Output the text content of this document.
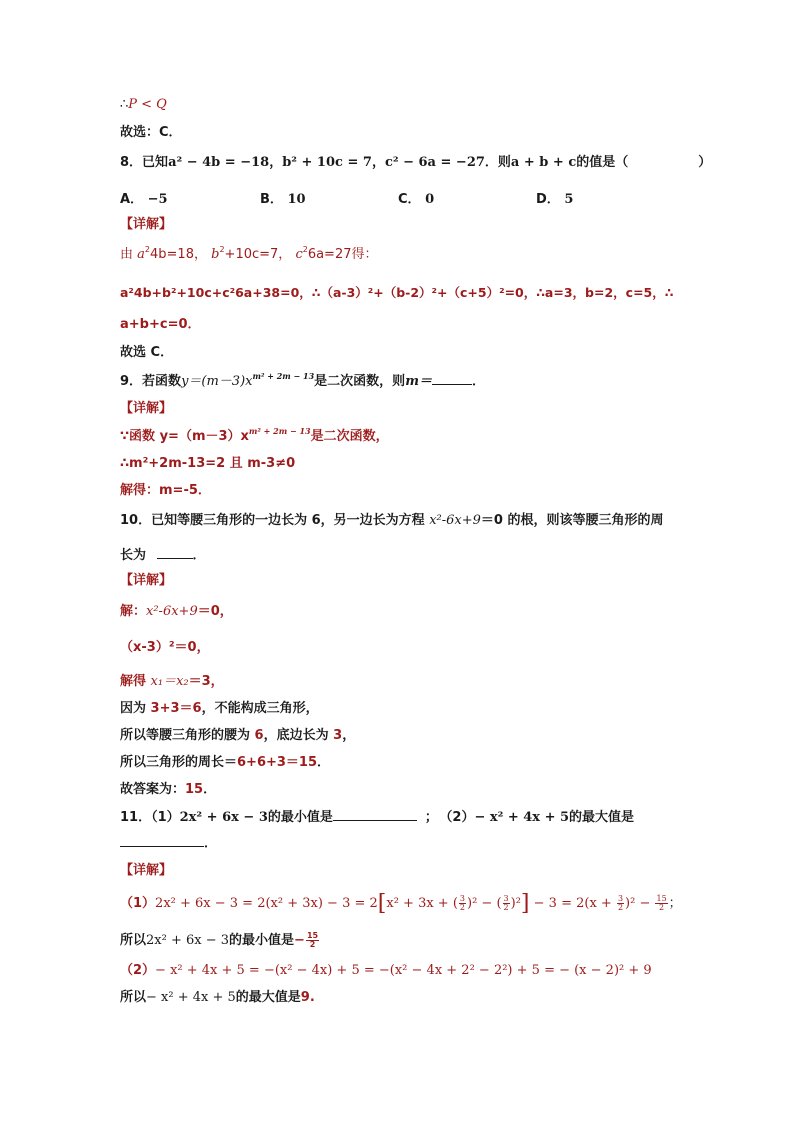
∴P < Q
故选：C．
8．已知a² − 4b = −18，b² + 10c = 7，c² − 6a = −27．则a + b + c的值是（	）
A． −5	B． 10	C． 0	D． 5
【详解】
由 $a^24b=18$， $b^2+10c=7$， $c^26a=27$得：
a²4b+b²+10c+c²6a+38=0，∴（a-3）²+（b-2）²+（c+5）²=0，∴a=3，b=2，c=5，∴
a+b+c=0．
故选 C．
9．若函数$y=(m-3)x^{m^2 + 2m - 13}$是二次函数，则m＝	．
【详解】
∵函数 $y=(m-3)x^{m^2 + 2m - 13}$是二次函数，
∴m²+2m-13=2 且 m-3≠0
解得：m=-5．
10．已知等腰三角形的一边长为 6，另一边长为方程 x²-6x+9＝0 的根，则该等腰三角形的周
长为	．
【详解】
解：x²-6x+9＝0，
（x-3）²＝0，
解得 x₁＝x₂＝3，
因为 3+3＝6，不能构成三角形，
所以等腰三角形的腰为 6，底边长为 3，
所以三角形的周长＝6+6+3＝15．
故答案为：15．
11．（1）2x² + 6x − 3的最小值是	； （2）− x² + 4x + 5的最大值是
．
【详解】
（1）2x² + 6x − 3 = 2(x² + 3x) − 3 = 2[x² + 3x + ( $\frac{3}{2} )^2$ − ( $\frac{3}{2} )^2] - 3 = 2(x + \frac{3}{2} )^2 - \frac{15}{2}$ ；
所以2x² + 6x − 3的最小值是− $\frac{15}{2}$
（2）− x² + 4x + 5 = −(x² − 4x) + 5 = −(x² − 4x + 2² − 2²) + 5 = − (x − 2)² + 9
所以− x² + 4x + 5的最大值是9.
